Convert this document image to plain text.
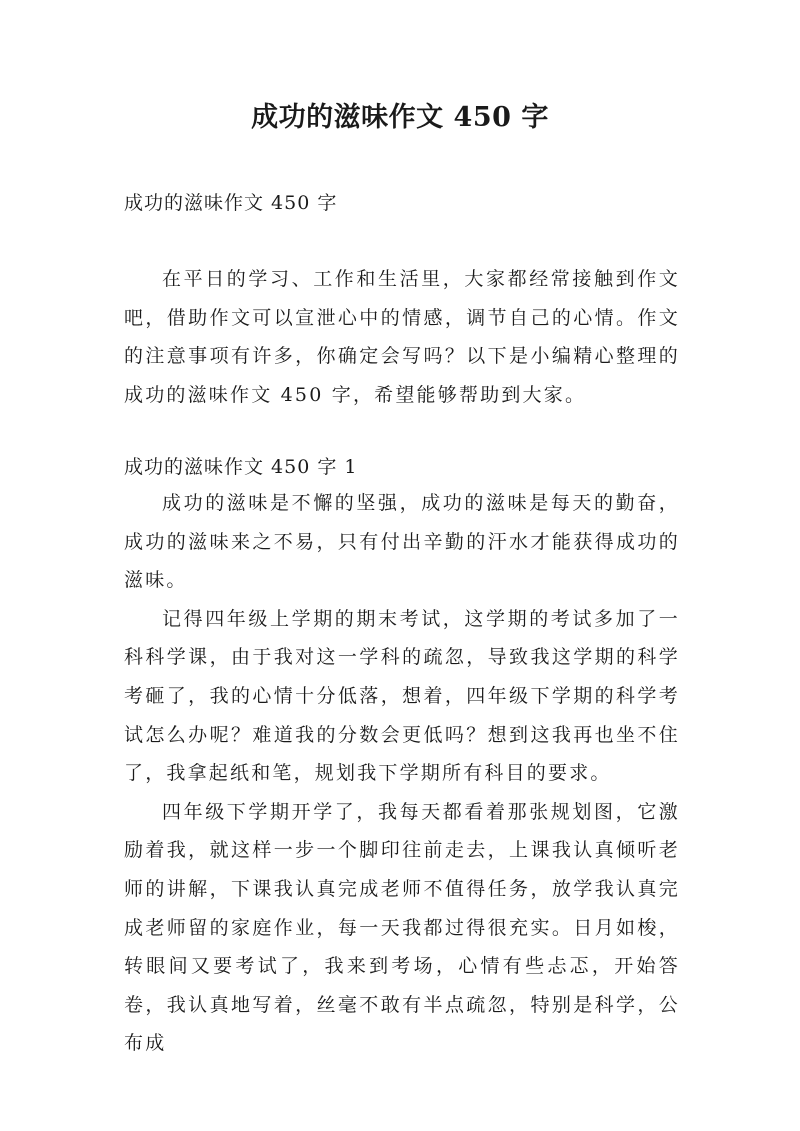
成功的滋味作文 450 字
成功的滋味作文 450 字

在平日的学习、工作和生活里，大家都经常接触到作文吧，借助作文可以宣泄心中的情感，调节自己的心情。作文的注意事项有许多，你确定会写吗？以下是小编精心整理的成功的滋味作文 450 字，希望能够帮助到大家。

成功的滋味作文 450 字 1

成功的滋味是不懈的坚强，成功的滋味是每天的勤奋，成功的滋味来之不易，只有付出辛勤的汗水才能获得成功的滋味。

记得四年级上学期的期末考试，这学期的考试多加了一科科学课，由于我对这一学科的疏忽，导致我这学期的科学考砸了，我的心情十分低落，想着，四年级下学期的科学考试怎么办呢？难道我的分数会更低吗？想到这我再也坐不住了，我拿起纸和笔，规划我下学期所有科目的要求。

四年级下学期开学了，我每天都看着那张规划图，它激励着我，就这样一步一个脚印往前走去，上课我认真倾听老师的讲解，下课我认真完成老师不值得任务，放学我认真完成老师留的家庭作业，每一天我都过得很充实。日月如梭，转眼间又要考试了，我来到考场，心情有些忐忑，开始答卷，我认真地写着，丝毫不敢有半点疏忽，特别是科学，公布成
